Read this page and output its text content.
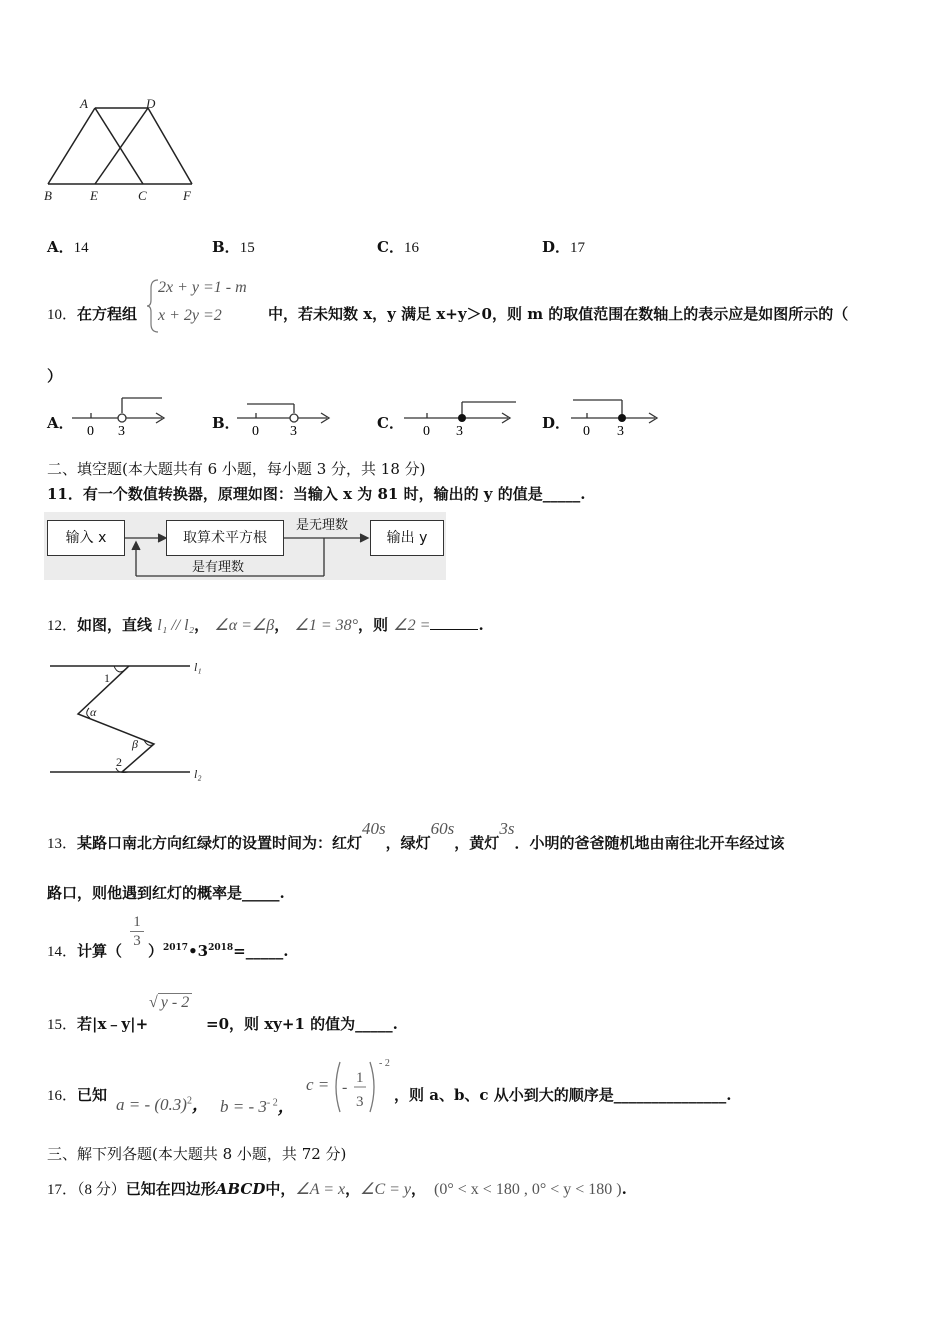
A	D
B	E	C	F
A．14	B．15	C．16	D．17
10．在方程组
2x + y =1 - m
x + 2y =2	中，若未知数 x，y 满足 x+y＞0，则 m 的取值范围在数轴上的表示应是如图所示的（
）
A． 0 3	B． 0 3	C． 0 3	D． 0 3
二、填空题(本大题共有 6 小题，每小题 3 分，共 18 分)
11．有一个数值转换器，原理如图：当输入 x 为 81 时，输出的 y 的值是_____.
输入 x	取算术平方根	输出 y
是无理数
是有理数
12．如图，直线 l₁ // l₂， ∠α =∠β， ∠1 = 38°，则 ∠2 =	.
l₁
l₂
1
α
β
2
13．某路口南北方向红绿灯的设置时间为：红灯40s，绿灯60s，黄灯3s．小明的爸爸随机地由南往北开车经过该
路口，则他遇到红灯的概率是_____.
14．计算（
1
3
）$^{2017}•3^{2018}=\_\_\_\_\_$.
15．若|x﹣y|+
√ y - 2
=0，则 xy+1 的值为_____.
16．已知 a = - $(0.3)^2$， b = - $3^{- 2}$，
c = -
1
3
- 2
，则 a、b、c 从小到大的顺序是_______________.
三、解下列各题(本大题共 8 小题，共 72 分)
17．（8 分）已知在四边形ABCD中，∠A = x，∠C = y， (0° < x < 180 , 0° < y < 180 ).
